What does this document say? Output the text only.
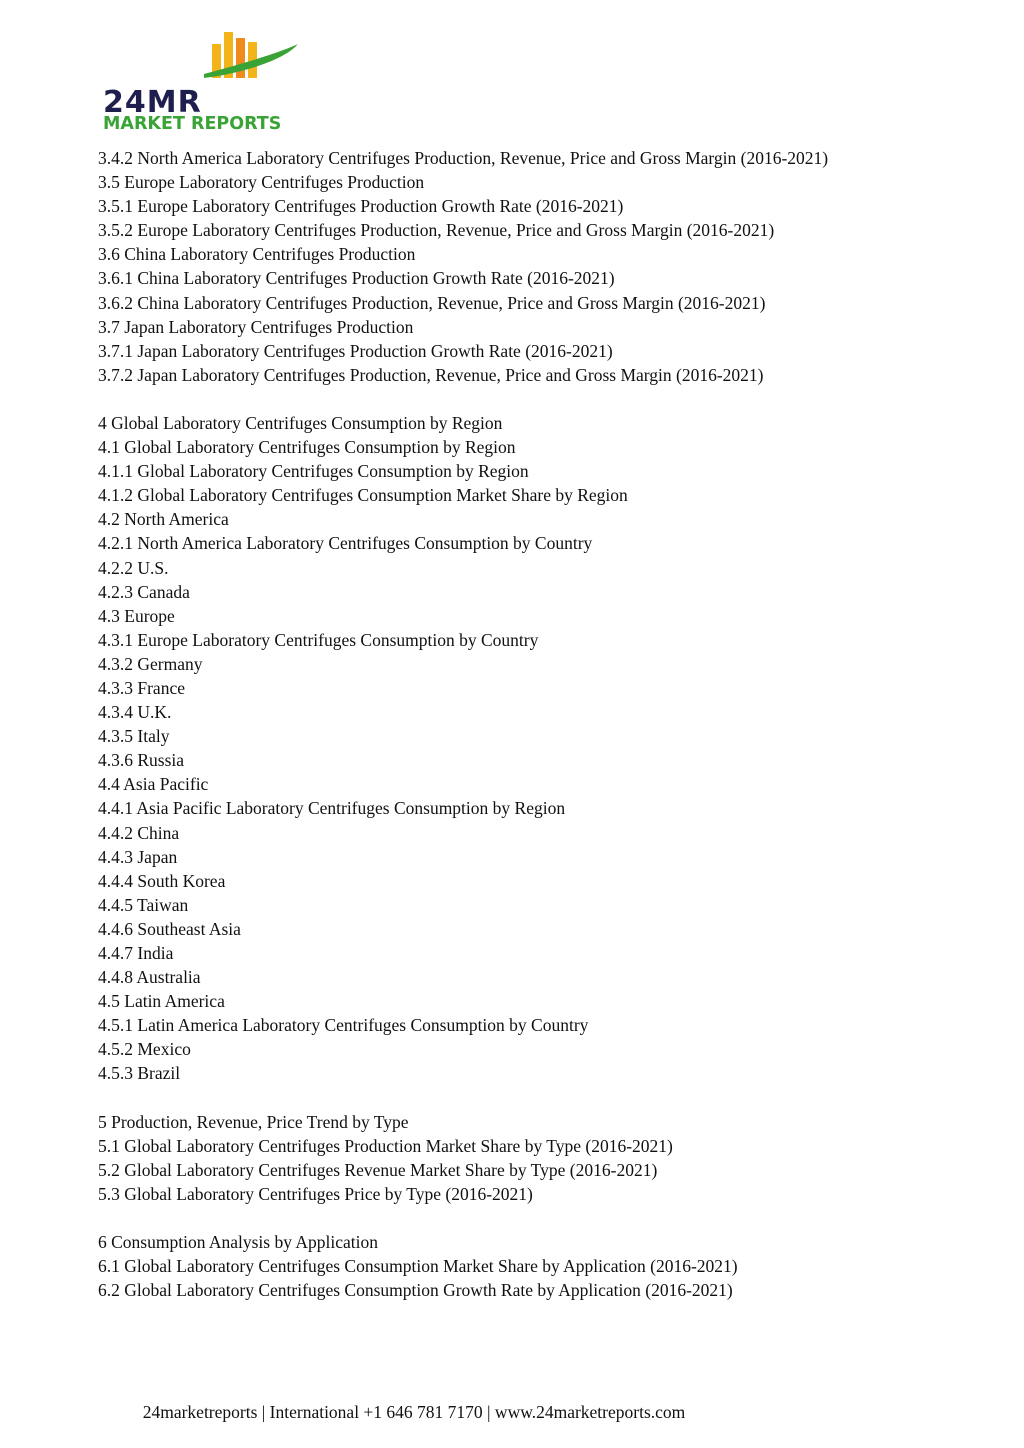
24MR

MARKET REPORTS

3.4.2 North America Laboratory Centrifuges Production, Revenue, Price and Gross Margin (2016-2021)
3.5 Europe Laboratory Centrifuges Production
3.5.1 Europe Laboratory Centrifuges Production Growth Rate (2016-2021)
3.5.2 Europe Laboratory Centrifuges Production, Revenue, Price and Gross Margin (2016-2021)
3.6 China Laboratory Centrifuges Production
3.6.1 China Laboratory Centrifuges Production Growth Rate (2016-2021)
3.6.2 China Laboratory Centrifuges Production, Revenue, Price and Gross Margin (2016-2021)
3.7 Japan Laboratory Centrifuges Production
3.7.1 Japan Laboratory Centrifuges Production Growth Rate (2016-2021)
3.7.2 Japan Laboratory Centrifuges Production, Revenue, Price and Gross Margin (2016-2021)
4 Global Laboratory Centrifuges Consumption by Region
4.1 Global Laboratory Centrifuges Consumption by Region
4.1.1 Global Laboratory Centrifuges Consumption by Region
4.1.2 Global Laboratory Centrifuges Consumption Market Share by Region
4.2 North America
4.2.1 North America Laboratory Centrifuges Consumption by Country
4.2.2 U.S.
4.2.3 Canada
4.3 Europe
4.3.1 Europe Laboratory Centrifuges Consumption by Country
4.3.2 Germany
4.3.3 France
4.3.4 U.K.
4.3.5 Italy
4.3.6 Russia
4.4 Asia Pacific
4.4.1 Asia Pacific Laboratory Centrifuges Consumption by Region
4.4.2 China
4.4.3 Japan
4.4.4 South Korea
4.4.5 Taiwan
4.4.6 Southeast Asia
4.4.7 India
4.4.8 Australia
4.5 Latin America
4.5.1 Latin America Laboratory Centrifuges Consumption by Country
4.5.2 Mexico
4.5.3 Brazil
5 Production, Revenue, Price Trend by Type
5.1 Global Laboratory Centrifuges Production Market Share by Type (2016-2021)
5.2 Global Laboratory Centrifuges Revenue Market Share by Type (2016-2021)
5.3 Global Laboratory Centrifuges Price by Type (2016-2021)
6 Consumption Analysis by Application
6.1 Global Laboratory Centrifuges Consumption Market Share by Application (2016-2021)
6.2 Global Laboratory Centrifuges Consumption Growth Rate by Application (2016-2021)
24marketreports | International +1 646 781 7170 | www.24marketreports.com
